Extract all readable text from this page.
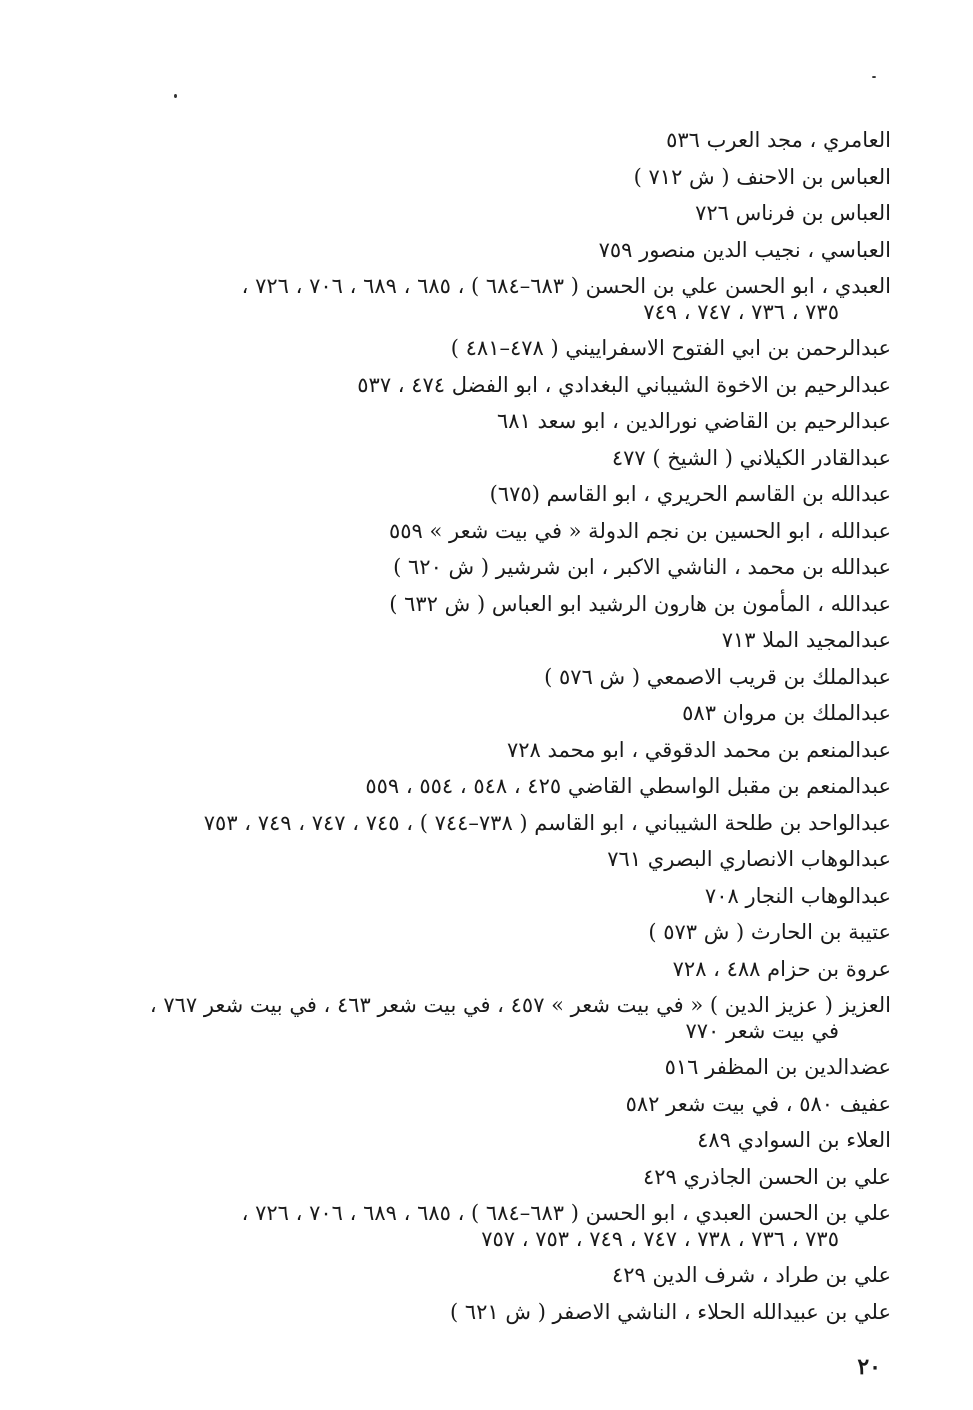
العامري ، مجد العرب ٥٣٦
العباس بن الاحنف ( ش ٧١٢ )
العباس بن فرناس ٧٢٦
العباسي ، نجيب الدين منصور ٧٥٩
العبدي ، ابو الحسن علي بن الحسن ( ٦٨٣–٦٨٤ ) ، ٦٨٥ ، ٦٨٩ ، ٧٠٦ ، ٧٢٦ ،
٧٣٥ ، ٧٣٦ ، ٧٤٧ ، ٧٤٩
عبدالرحمن بن ابي الفتوح الاسفراييني ( ٤٧٨–٤٨١ )
عبدالرحيم بن الاخوة الشيباني البغدادي ، ابو الفضل ٤٧٤ ، ٥٣٧
عبدالرحيم بن القاضي نورالدين ، ابو سعد ٦٨١
عبدالقادر الكيلاني ( الشيخ ) ٤٧٧
عبدالله بن القاسم الحريري ، ابو القاسم (٦٧٥)
عبدالله ، ابو الحسين بن نجم الدولة « في بيت شعر » ٥٥٩
عبدالله بن محمد ، الناشي الاكبر ، ابن شرشير ( ش ٦٢٠ )
عبدالله ، المأمون بن هارون الرشيد ابو العباس ( ش ٦٣٢ )
عبدالمجيد الملا ٧١٣
عبدالملك بن قريب الاصمعي ( ش ٥٧٦ )
عبدالملك بن مروان ٥٨٣
عبدالمنعم بن محمد الدقوقي ، ابو محمد ٧٢٨
عبدالمنعم بن مقبل الواسطي القاضي ٤٢٥ ، ٥٤٨ ، ٥٥٤ ، ٥٥٩
عبدالواحد بن طلحة الشيباني ، ابو القاسم ( ٧٣٨–٧٤٤ ) ، ٧٤٥ ، ٧٤٧ ، ٧٤٩ ، ٧٥٣
عبدالوهاب الانصاري البصري ٧٦١
عبدالوهاب النجار ٧٠٨
عتيبة بن الحارث ( ش ٥٧٣ )
عروة بن حزام ٤٨٨ ، ٧٢٨
العزيز ( عزيز الدين ) « في بيت شعر » ٤٥٧ ، في بيت شعر ٤٦٣ ، في بيت شعر ٧٦٧ ،
في بيت شعر ٧٧٠
عضدالدين بن المظفر ٥١٦
عفيف ٥٨٠ ، في بيت شعر ٥٨٢
العلاء بن السوادي ٤٨٩
علي بن الحسن الجاذري ٤٢٩
علي بن الحسن العبدي ، ابو الحسن ( ٦٨٣–٦٨٤ ) ، ٦٨٥ ، ٦٨٩ ، ٧٠٦ ، ٧٢٦ ،
٧٣٥ ، ٧٣٦ ، ٧٣٨ ، ٧٤٧ ، ٧٤٩ ، ٧٥٣ ، ٧٥٧
علي بن طراد ، شرف الدين ٤٢٩
علي بن عبيدالله الحلاء ، الناشي الاصفر ( ش ٦٢١ )
٢٠
